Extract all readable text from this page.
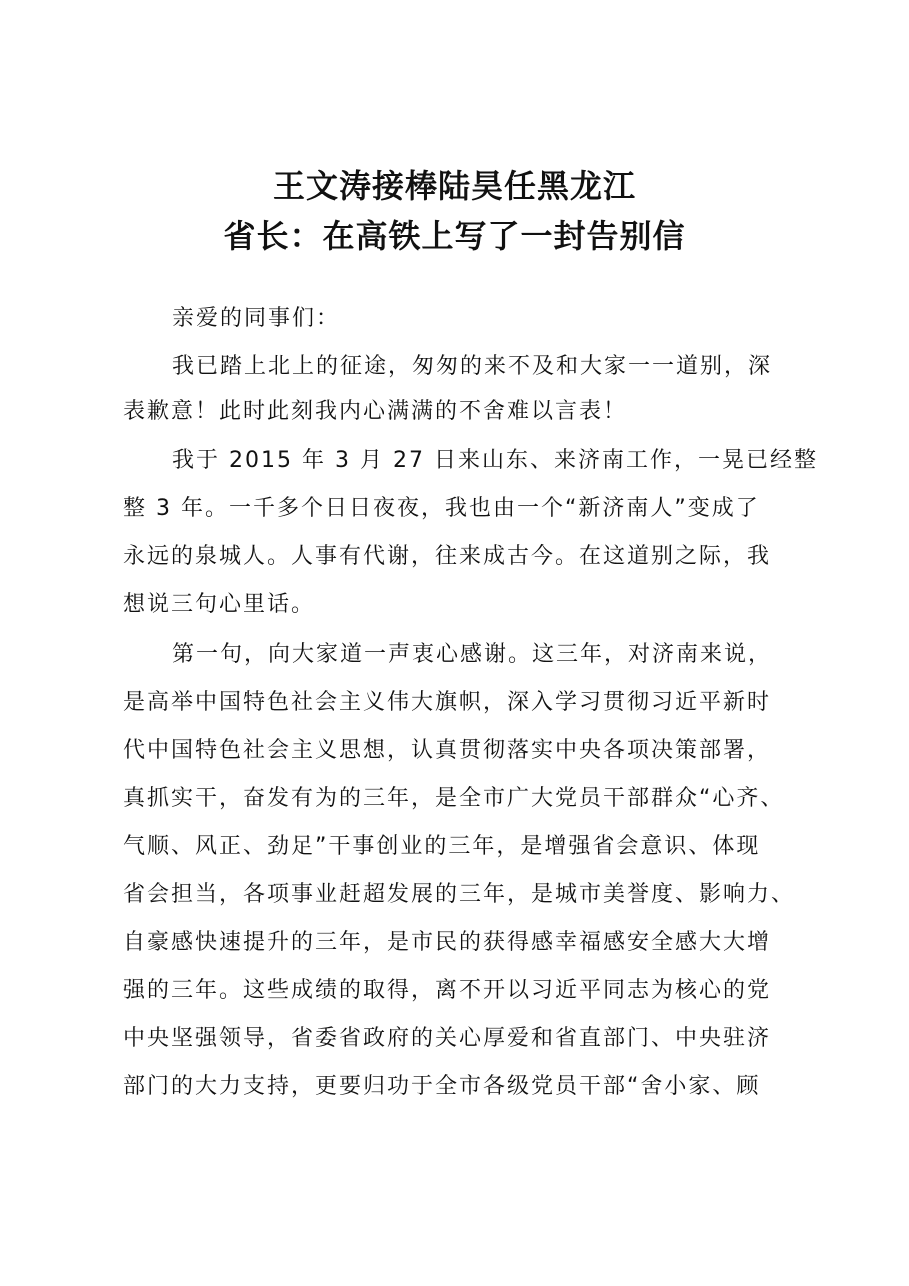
王文涛接棒陆昊任黑龙江
省长：在高铁上写了一封告别信
亲爱的同事们：
我已踏上北上的征途，匆匆的来不及和大家一一道别，深
表歉意！此时此刻我内心满满的不舍难以言表！
我于 2015 年 3 月 27 日来山东、来济南工作，一晃已经整
整 3 年。一千多个日日夜夜，我也由一个“新济南人”变成了
永远的泉城人。人事有代谢，往来成古今。在这道别之际，我
想说三句心里话。
第一句，向大家道一声衷心感谢。这三年，对济南来说，
是高举中国特色社会主义伟大旗帜，深入学习贯彻习近平新时
代中国特色社会主义思想，认真贯彻落实中央各项决策部署，
真抓实干，奋发有为的三年，是全市广大党员干部群众“心齐、
气顺、风正、劲足”干事创业的三年，是增强省会意识、体现
省会担当，各项事业赶超发展的三年，是城市美誉度、影响力、
自豪感快速提升的三年，是市民的获得感幸福感安全感大大增
强的三年。这些成绩的取得，离不开以习近平同志为核心的党
中央坚强领导，省委省政府的关心厚爱和省直部门、中央驻济
部门的大力支持，更要归功于全市各级党员干部“舍小家、顾
